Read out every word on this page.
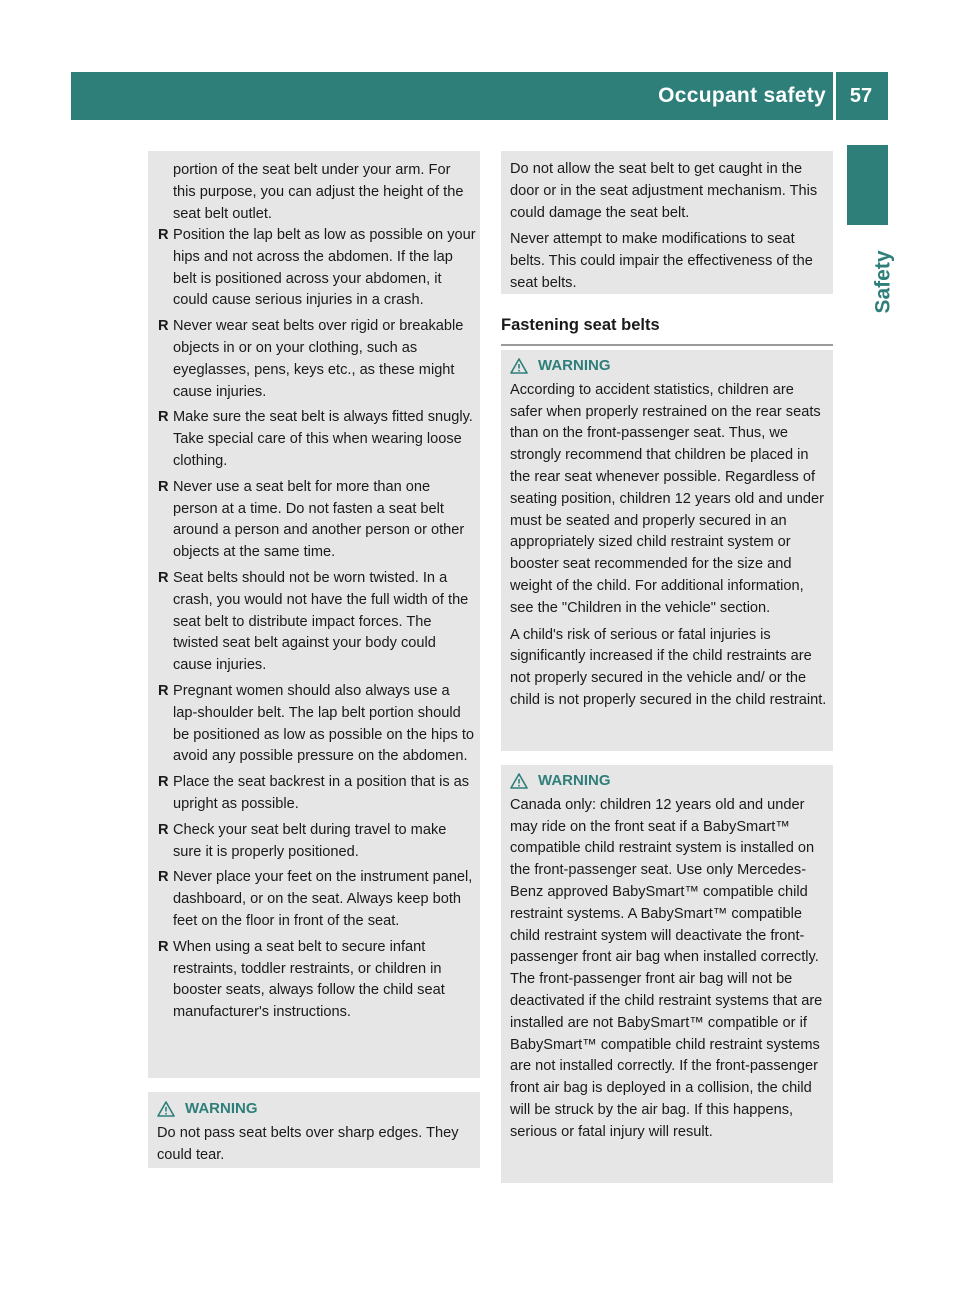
Occupant safety	57
Safety
portion of the seat belt under your arm. For this purpose, you can adjust the height of the seat belt outlet.
R Position the lap belt as low as possible on your hips and not across the abdomen. If the lap belt is positioned across your abdomen, it could cause serious injuries in a crash.
R Never wear seat belts over rigid or breakable objects in or on your clothing, such as eyeglasses, pens, keys etc., as these might cause injuries.
R Make sure the seat belt is always fitted snugly. Take special care of this when wearing loose clothing.
R Never use a seat belt for more than one person at a time. Do not fasten a seat belt around a person and another person or other objects at the same time.
R Seat belts should not be worn twisted. In a crash, you would not have the full width of the seat belt to distribute impact forces. The twisted seat belt against your body could cause injuries.
R Pregnant women should also always use a lap-shoulder belt. The lap belt portion should be positioned as low as possible on the hips to avoid any possible pressure on the abdomen.
R Place the seat backrest in a position that is as upright as possible.
R Check your seat belt during travel to make sure it is properly positioned.
R Never place your feet on the instrument panel, dashboard, or on the seat. Always keep both feet on the floor in front of the seat.
R When using a seat belt to secure infant restraints, toddler restraints, or children in booster seats, always follow the child seat manufacturer's instructions.
WARNING
Do not pass seat belts over sharp edges. They could tear.

Do not allow the seat belt to get caught in the door or in the seat adjustment mechanism. This could damage the seat belt.

Never attempt to make modifications to seat belts. This could impair the effectiveness of the seat belts.

Fastening seat belts
WARNING

According to accident statistics, children are safer when properly restrained on the rear seats than on the front-passenger seat. Thus, we strongly recommend that children be placed in the rear seat whenever possible. Regardless of seating position, children 12 years old and under must be seated and properly secured in an appropriately sized child restraint system or booster seat recommended for the size and weight of the child. For additional information, see the "Children in the vehicle" section.

A child's risk of serious or fatal injuries is significantly increased if the child restraints are not properly secured in the vehicle and/ or the child is not properly secured in the child restraint.

WARNING
Canada only: children 12 years old and under may ride on the front seat if a BabySmart™ compatible child restraint system is installed on the front-passenger seat. Use only Mercedes-Benz approved BabySmart™ compatible child restraint systems. A BabySmart™ compatible child restraint system will deactivate the front-passenger front air bag when installed correctly. The front-passenger front air bag will not be deactivated if the child restraint systems that are installed are not BabySmart™ compatible or if BabySmart™ compatible child restraint systems are not installed correctly. If the front-passenger front air bag is deployed in a collision, the child will be struck by the air bag. If this happens, serious or fatal injury will result.
